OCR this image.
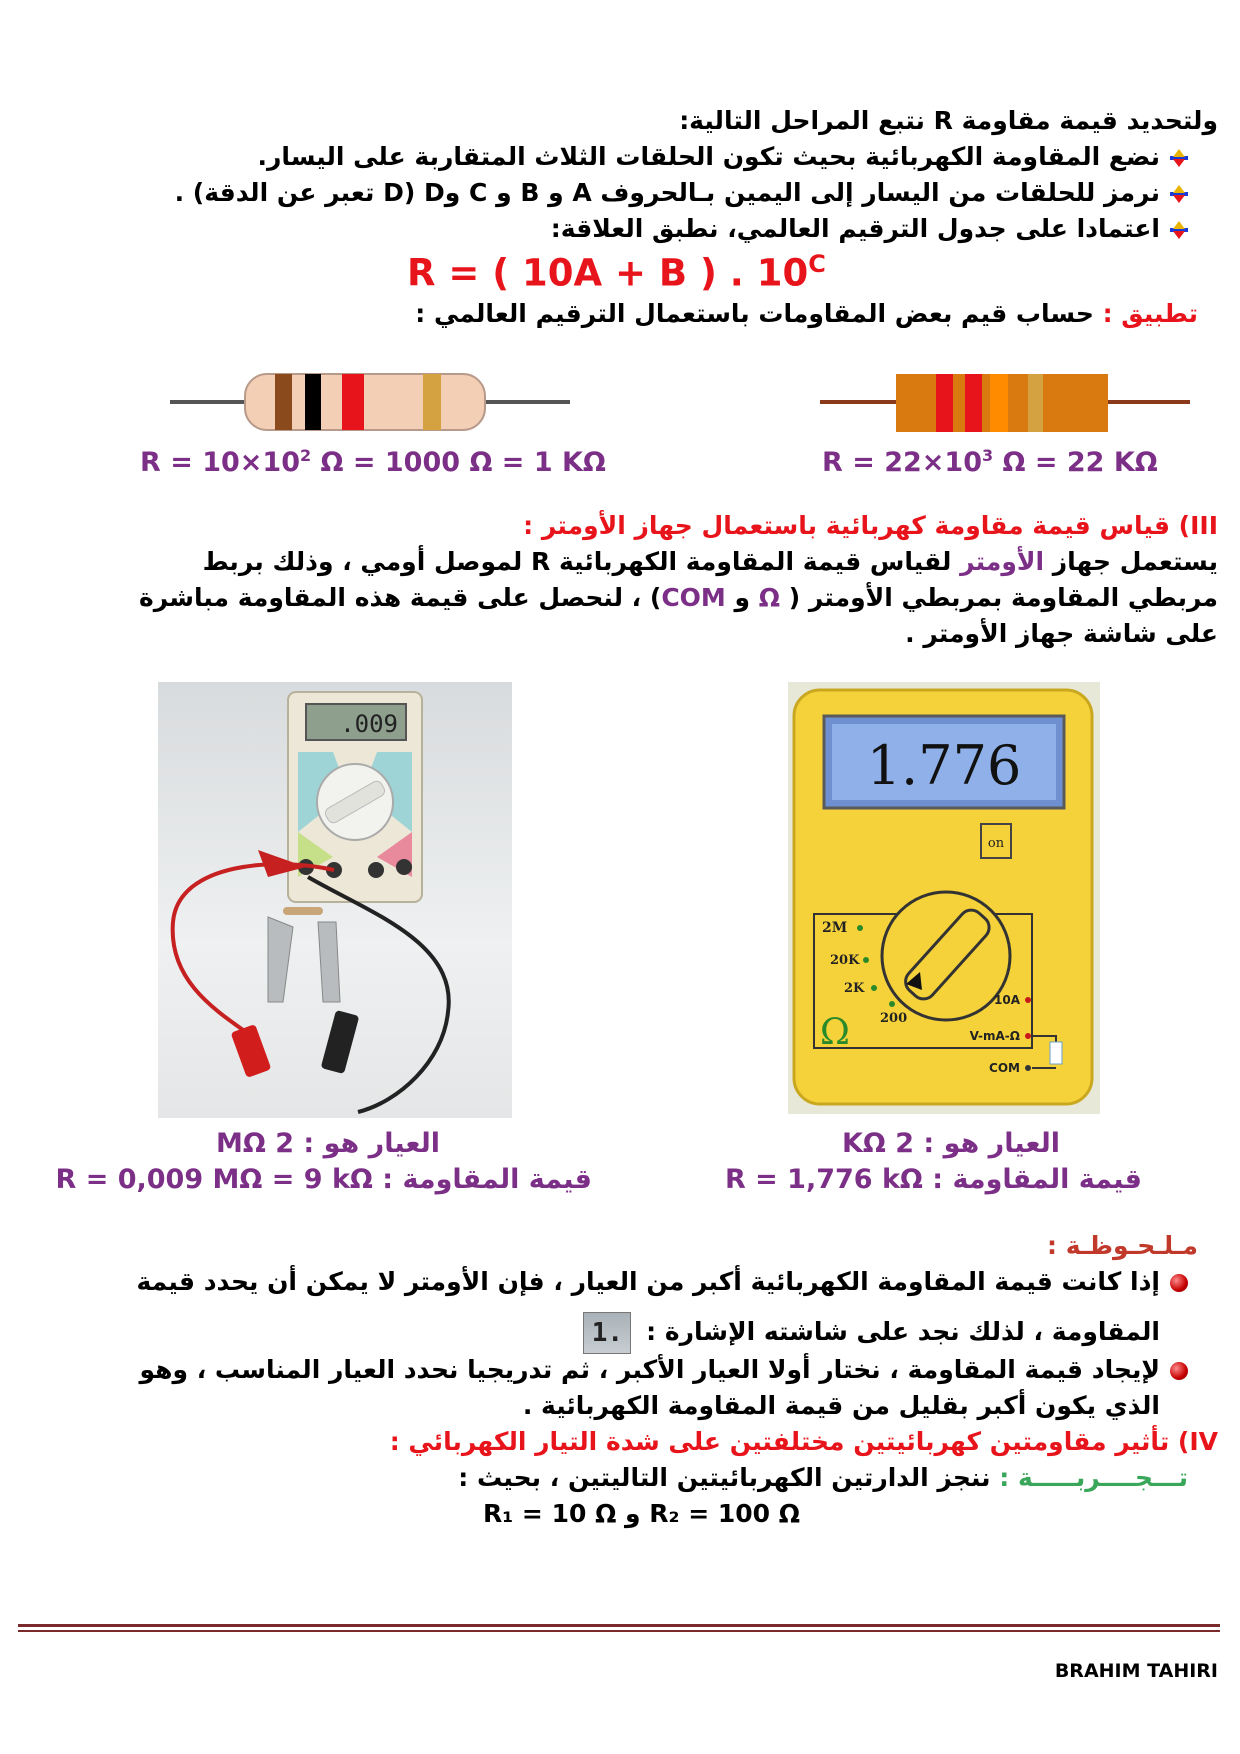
ولتحديد قيمة مقاومة R نتبع المراحل التالية:
نضع المقاومة الكهربائية بحيث تكون الحلقات الثلاث المتقاربة على اليسار.
نرمز للحلقات من اليسار إلى اليمين بـالحروف A و B و C وD (D تعبر عن الدقة) .
اعتمادا على جدول الترقيم العالمي، نطبق العلاقة:
R = ( 10A + B ) . $10^C$
تطبيق : حساب قيم بعض المقاومات باستعمال الترقيم العالمي :
$R = 10\times 10^2$ Ω = 1000 Ω = 1 KΩ	$R = 22\times 10^3$ Ω = 22 KΩ
III) قياس قيمة مقاومة كهربائية باستعمال جهاز الأومتر :
يستعمل جهاز الأومتر لقياس قيمة المقاومة الكهربائية R لموصل أومي ، وذلك بربط
مربطي المقاومة بمربطي الأومتر ( Ω و COM) ، لنحصل على قيمة هذه المقاومة مباشرة
على شاشة جهاز الأومتر .
.009
العيار هو : 2 MΩ
قيمة المقاومة : R = 0,009 MΩ = 9 kΩ
1.776
on
2M
20K
2K
200
Ω
10A
V-mA-Ω
COM
العيار هو : 2 KΩ
قيمة المقاومة : R = 1,776 kΩ
مـلـحـوظـة :
إذا كانت قيمة المقاومة الكهربائية أكبر من العيار ، فإن الأومتر لا يمكن أن يحدد قيمة
المقاومة ، لذلك نجد على شاشته الإشارة : 1.
لإيجاد قيمة المقاومة ، نختار أولا العيار الأكبر ، ثم تدريجيا نحدد العيار المناسب ، وهو
الذي يكون أكبر بقليل من قيمة المقاومة الكهربائية .
IV) تأثير مقاومتين كهربائيتين مختلفتين على شدة التيار الكهربائي :
تـــجــــربـــــة : ننجز الدارتين الكهربائيتين التاليتين ، بحيث :
R₂ = 100 Ω و R₁ = 10 Ω
BRAHIM TAHIRI
